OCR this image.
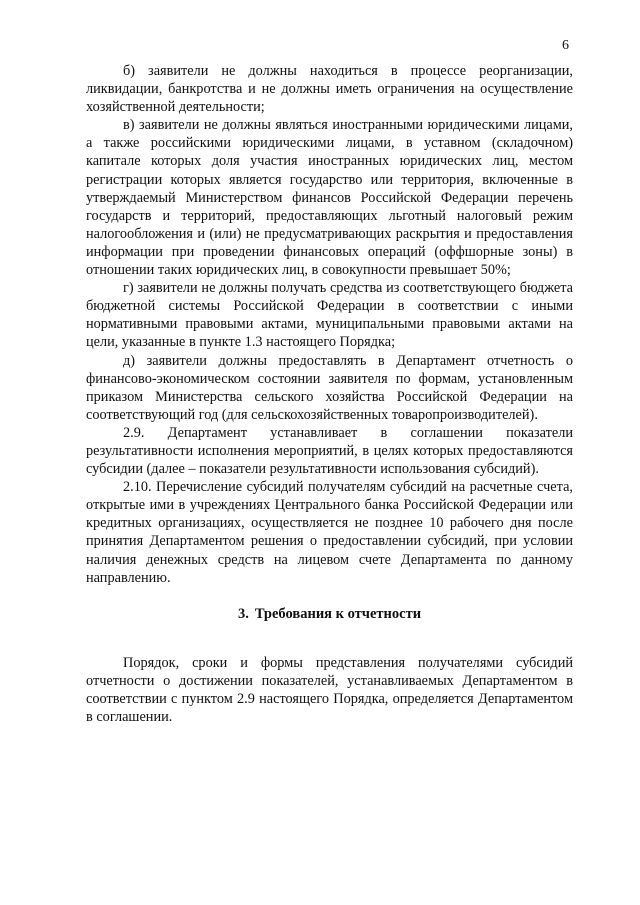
6

б) заявители не должны находиться в процессе реорганизации, ликвидации, банкротства и не должны иметь ограничения на осуществление хозяйственной деятельности;

в) заявители не должны являться иностранными юридическими лицами, а также российскими юридическими лицами, в уставном (складочном) капитале которых доля участия иностранных юридических лиц, местом регистрации которых является государство или территория, включенные в утверждаемый Министерством финансов Российской Федерации перечень государств и территорий, предоставляющих льготный налоговый режим налогообложения и (или) не предусматривающих раскрытия и предоставления информации при проведении финансовых операций (оффшорные зоны) в отношении таких юридических лиц, в совокупности превышает 50%;

г) заявители не должны получать средства из соответствующего бюджета бюджетной системы Российской Федерации в соответствии с иными нормативными правовыми актами, муниципальными правовыми актами на цели, указанные в пункте 1.3 настоящего Порядка;

д) заявители должны предоставлять в Департамент отчетность о финансово-экономическом состоянии заявителя по формам, установленным приказом Министерства сельского хозяйства Российской Федерации на соответствующий год (для сельскохозяйственных товаропроизводителей).

2.9. Департамент устанавливает в соглашении показатели результативности исполнения мероприятий, в целях которых предоставляются субсидии (далее – показатели результативности использования субсидий).

2.10. Перечисление субсидий получателям субсидий на расчетные счета, открытые ими в учреждениях Центрального банка Российской Федерации или кредитных организациях, осуществляется не позднее 10 рабочего дня после принятия Департаментом решения о предоставлении субсидий, при условии наличия денежных средств на лицевом счете Департамента по данному направлению.

3. Требования к отчетности

Порядок, сроки и формы представления получателями субсидий отчетности о достижении показателей, устанавливаемых Департаментом в соответствии с пунктом 2.9 настоящего Порядка, определяется Департаментом в соглашении.
